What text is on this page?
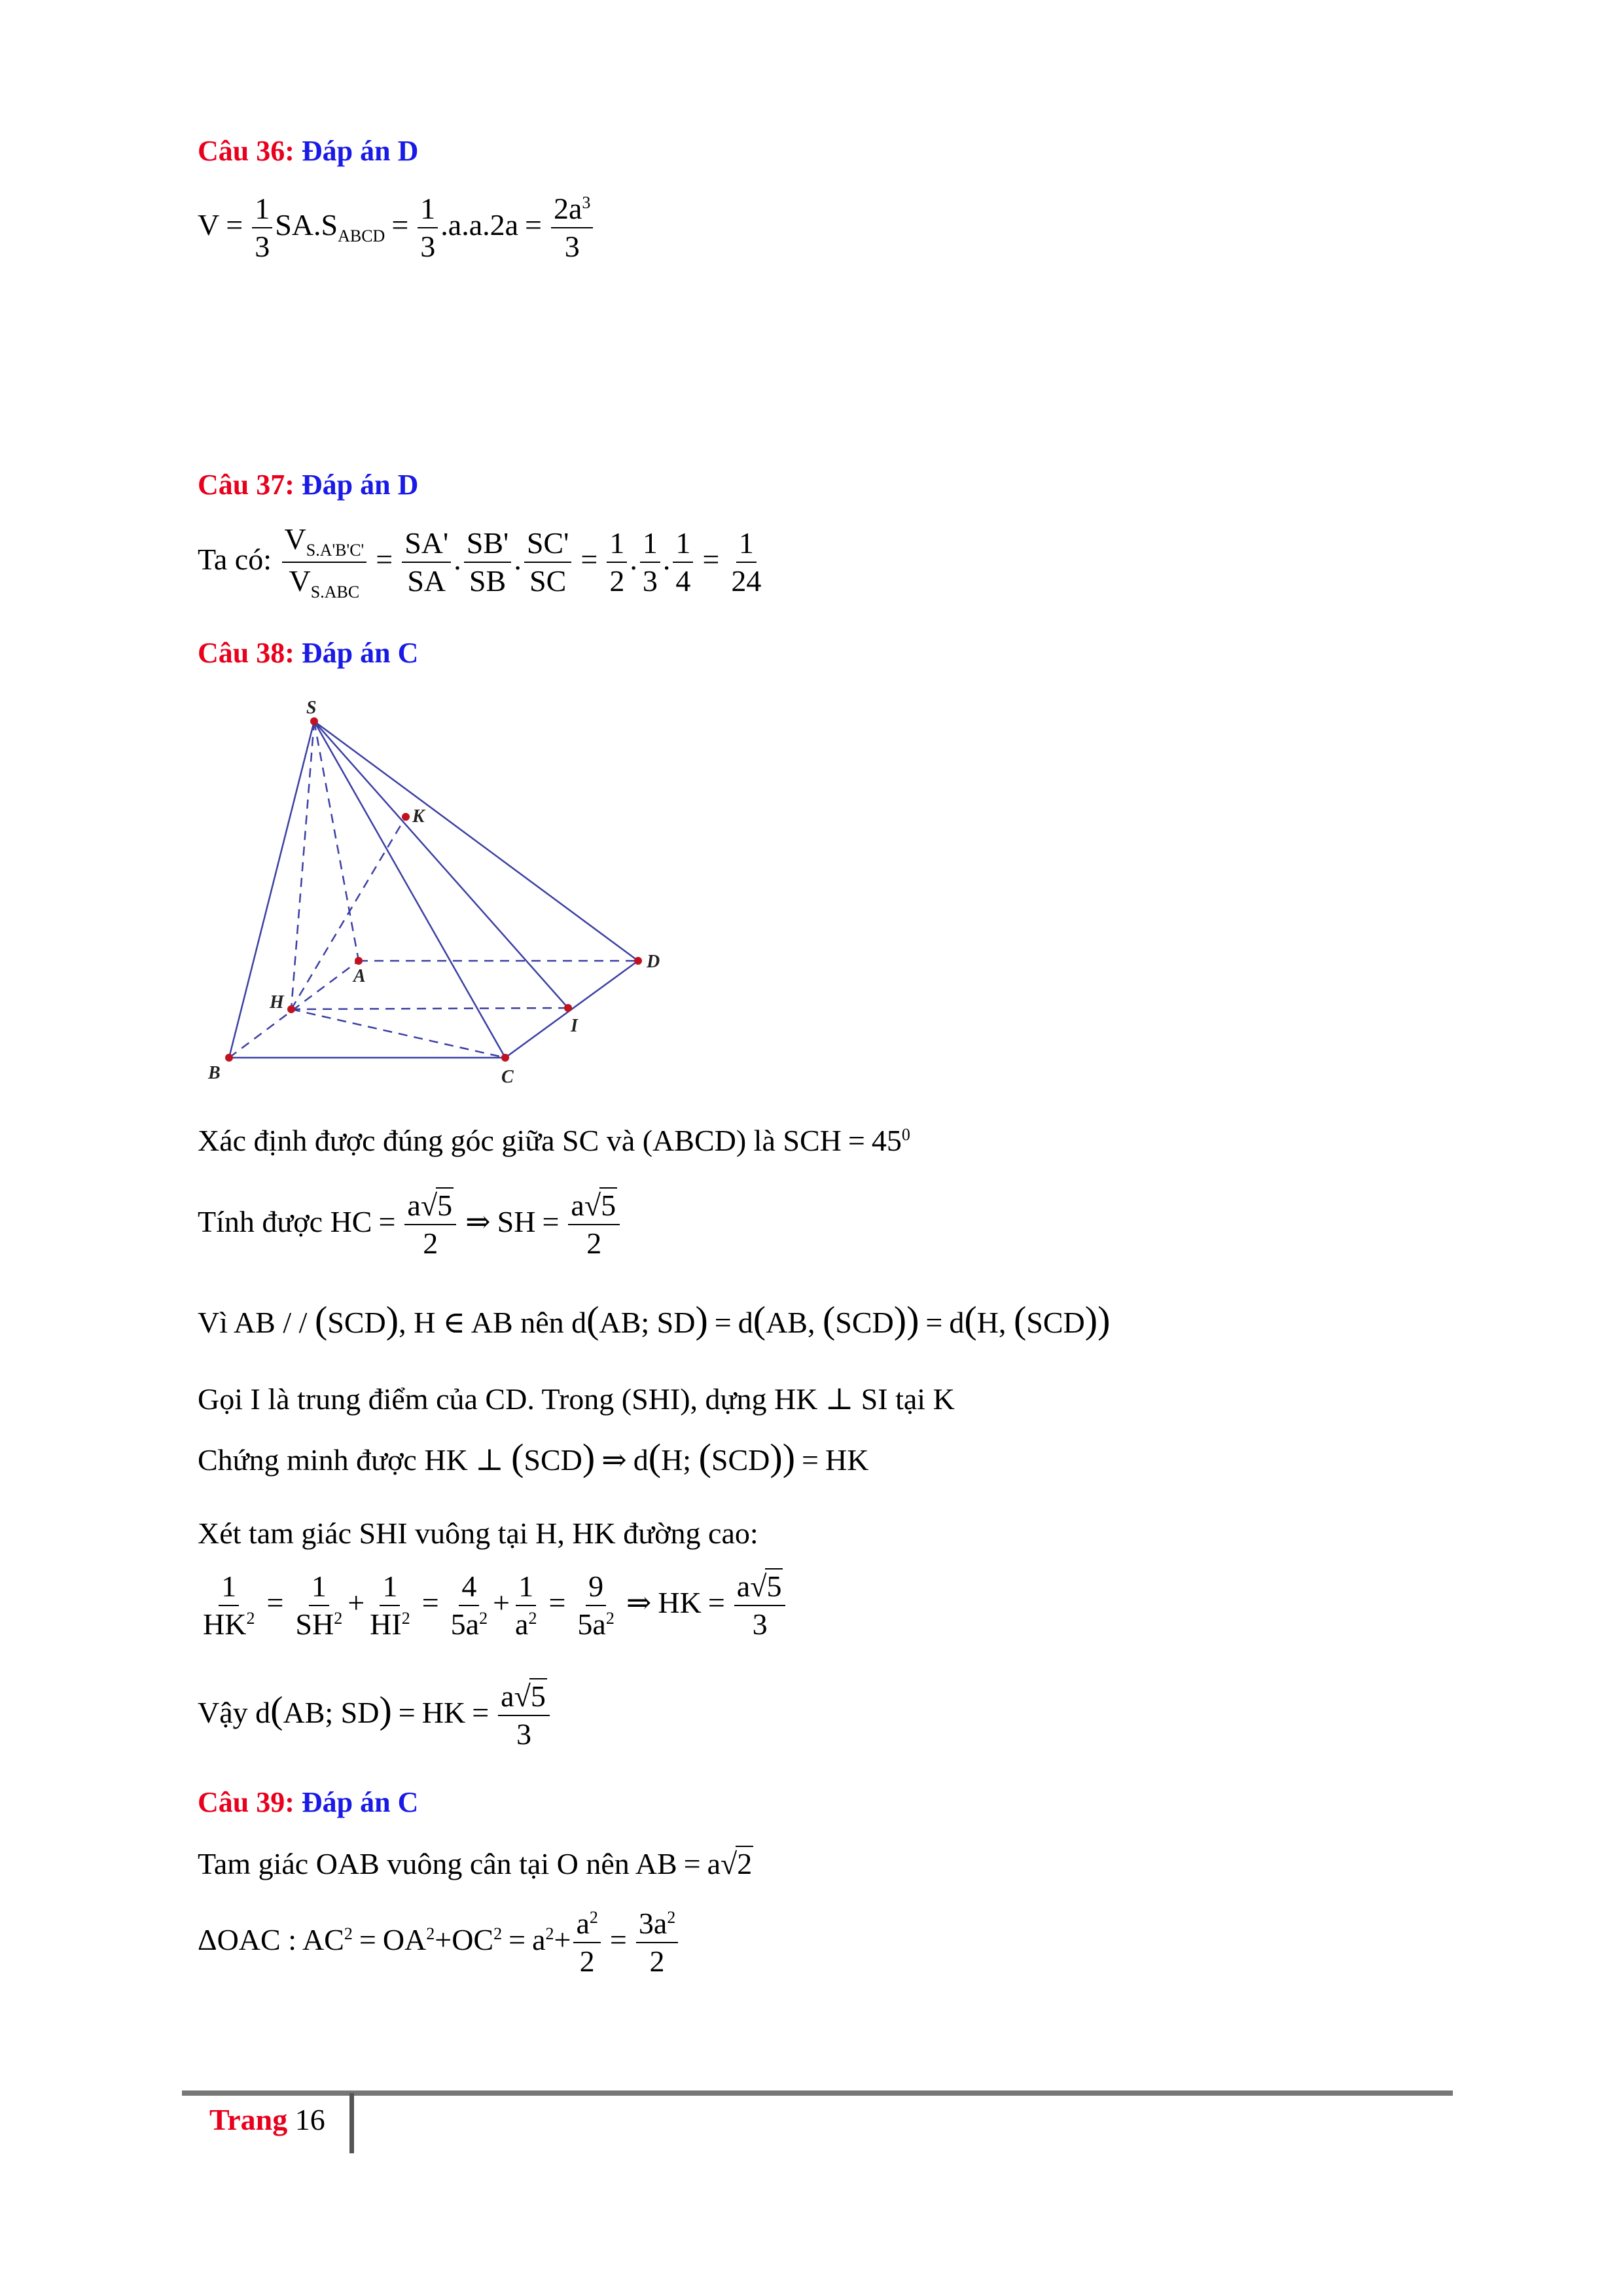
Câu 36: Đáp án D
$V = \frac{1}{3} SA.S_{ABCD} = \frac{1}{3} .a.a.2a = \frac{2a^3}{3}$
Câu 37: Đáp án D
Ta có: $\frac{V_{S.A'B'C'}}{V_{S.ABC}} = \frac{SA'}{SA}$ . $\frac{SB'}{SB}$ . $\frac{SC'}{SC} = \frac{1}{2}$ . $\frac{1}{3}$ . $\frac{1}{4} = \frac{1}{24}$
Câu 38: Đáp án C
S
K
A
D
H
I
B	C
Xác định được đúng góc giữa SC và (ABCD) là SCH = $45^0$
Tính được HC = $\frac{a√5}{2}$ ⇒ SH = $\frac{a√5}{2}$
Vì AB / / (SCD), H ∈ AB nên d(AB; SD) = d(AB, (SCD)) = d(H, (SCD))
Gọi I là trung điểm của CD. Trong (SHI), dựng HK ⊥ SI tại K
Chứng minh được HK ⊥ (SCD) ⇒ d(H; (SCD)) = HK
Xét tam giác SHI vuông tại H, HK đường cao:
$\frac{1}{HK^2} = \frac{1}{SH^2} + \frac{1}{HI^2} = \frac{4}{5a^2} + \frac{1}{a^2} = \frac{9}{5a^2}$ ⇒ HK = $\frac{a√5}{3}$
Vậy d(AB; SD) = HK = $\frac{a√5}{3}$
Câu 39: Đáp án C
Tam giác OAB vuông cân tại O nên AB = a√2
ΔOAC : $AC^2 = OA^2+OC^2 = a^2+ \frac{a^2}{2} = \frac{3a^2}{2}$
Trang 16
